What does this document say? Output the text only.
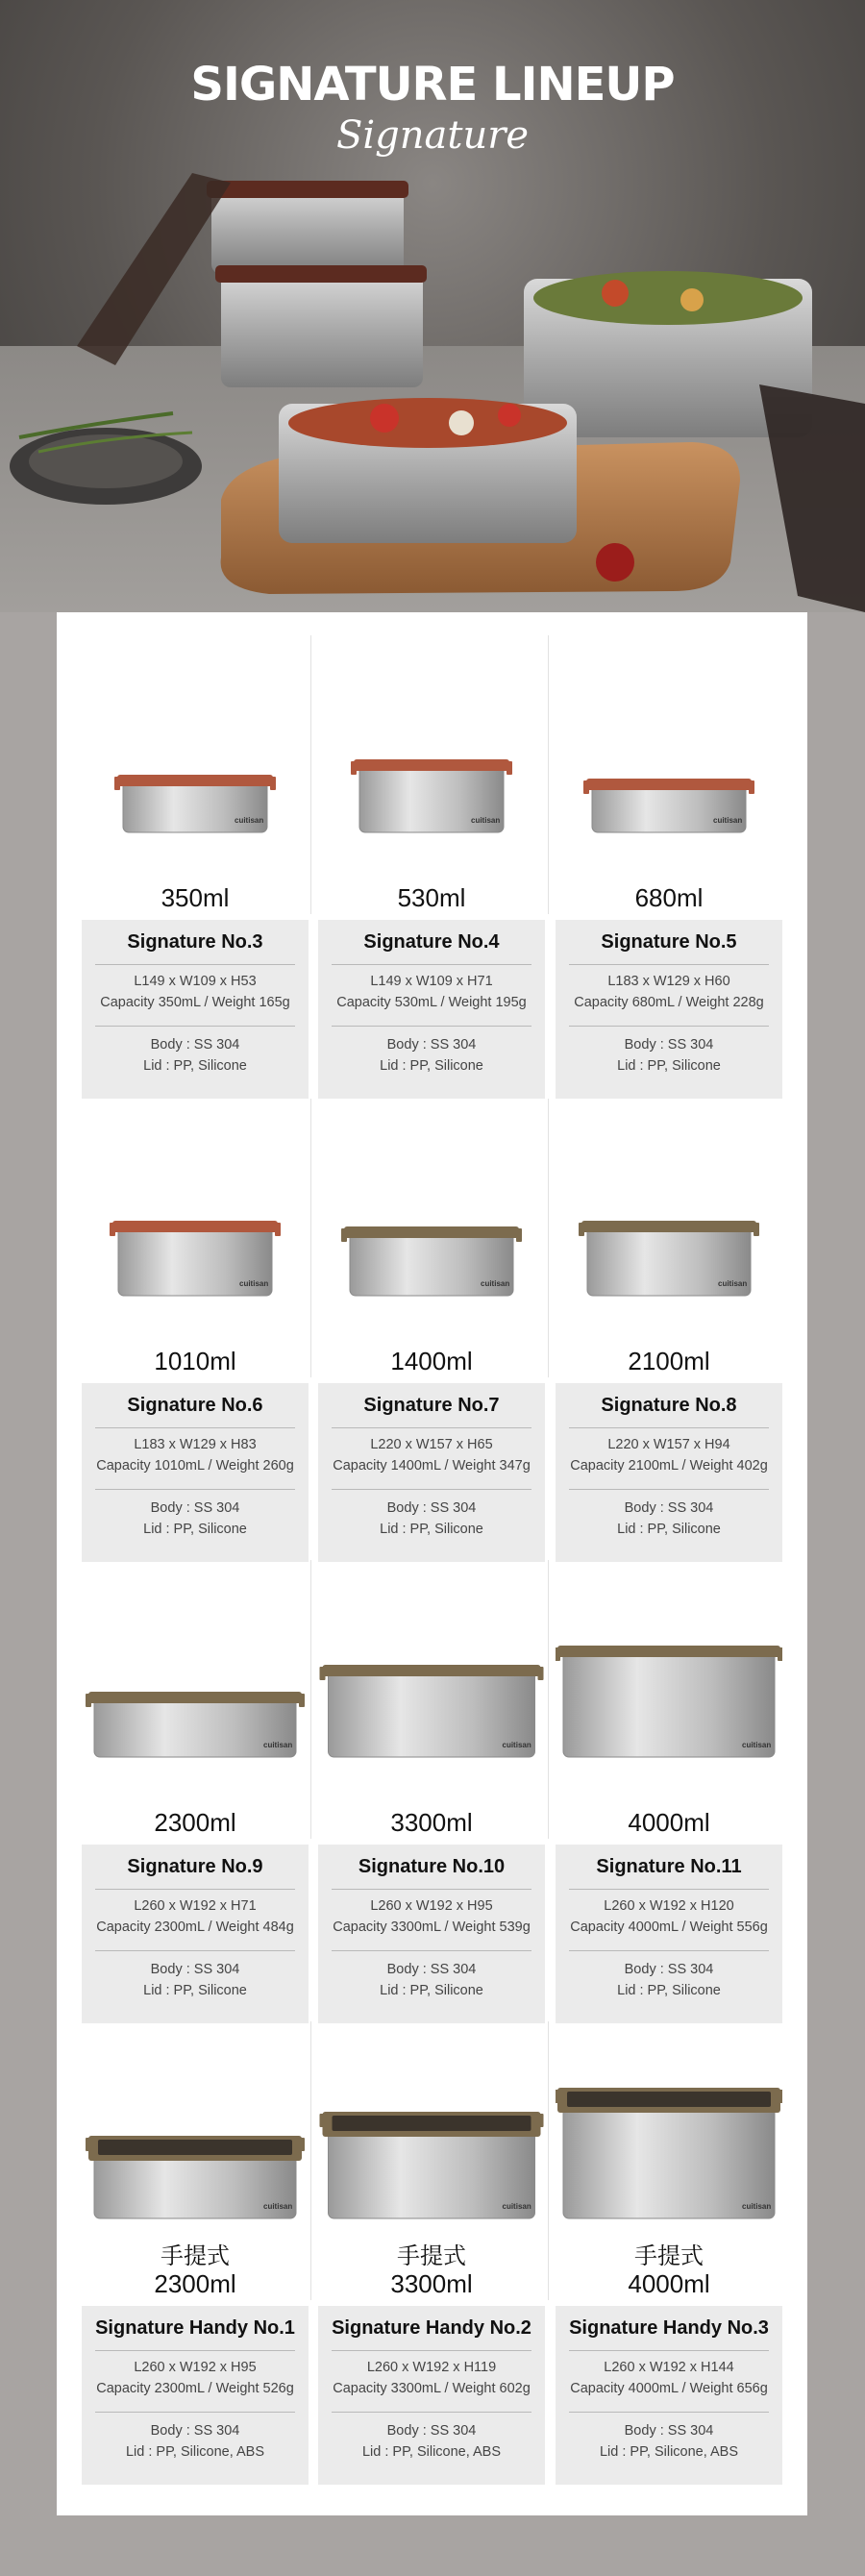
SIGNATURE LINEUP
Signature
cuitisan
350ml
Signature No.3
L149 x W109 x H53
Capacity 350mL / Weight 165g
Body : SS 304
Lid : PP, Silicone
cuitisan
530ml
Signature No.4
L149 x W109 x H71
Capacity 530mL / Weight 195g
Body : SS 304
Lid : PP, Silicone
cuitisan
680ml
Signature No.5
L183 x W129 x H60
Capacity 680mL / Weight 228g
Body : SS 304
Lid : PP, Silicone
cuitisan
1010ml
Signature No.6
L183 x W129 x H83
Capacity 1010mL / Weight 260g
Body : SS 304
Lid : PP, Silicone
cuitisan
1400ml
Signature No.7
L220 x W157 x H65
Capacity 1400mL / Weight 347g
Body : SS 304
Lid : PP, Silicone
cuitisan
2100ml
Signature No.8
L220 x W157 x H94
Capacity 2100mL / Weight 402g
Body : SS 304
Lid : PP, Silicone
cuitisan
2300ml
Signature No.9
L260 x W192 x H71
Capacity 2300mL / Weight 484g
Body : SS 304
Lid : PP, Silicone
cuitisan
3300ml
Signature No.10
L260 x W192 x H95
Capacity 3300mL / Weight 539g
Body : SS 304
Lid : PP, Silicone
cuitisan
4000ml
Signature No.11
L260 x W192 x H120
Capacity 4000mL / Weight 556g
Body : SS 304
Lid : PP, Silicone
cuitisan
手提式
2300ml
Signature Handy No.1
L260 x W192 x H95
Capacity 2300mL / Weight 526g
Body : SS 304
Lid : PP, Silicone, ABS
cuitisan
手提式
3300ml
Signature Handy No.2
L260 x W192 x H119
Capacity 3300mL / Weight 602g
Body : SS 304
Lid : PP, Silicone, ABS
cuitisan
手提式
4000ml
Signature Handy No.3
L260 x W192 x H144
Capacity 4000mL / Weight 656g
Body : SS 304
Lid : PP, Silicone, ABS
